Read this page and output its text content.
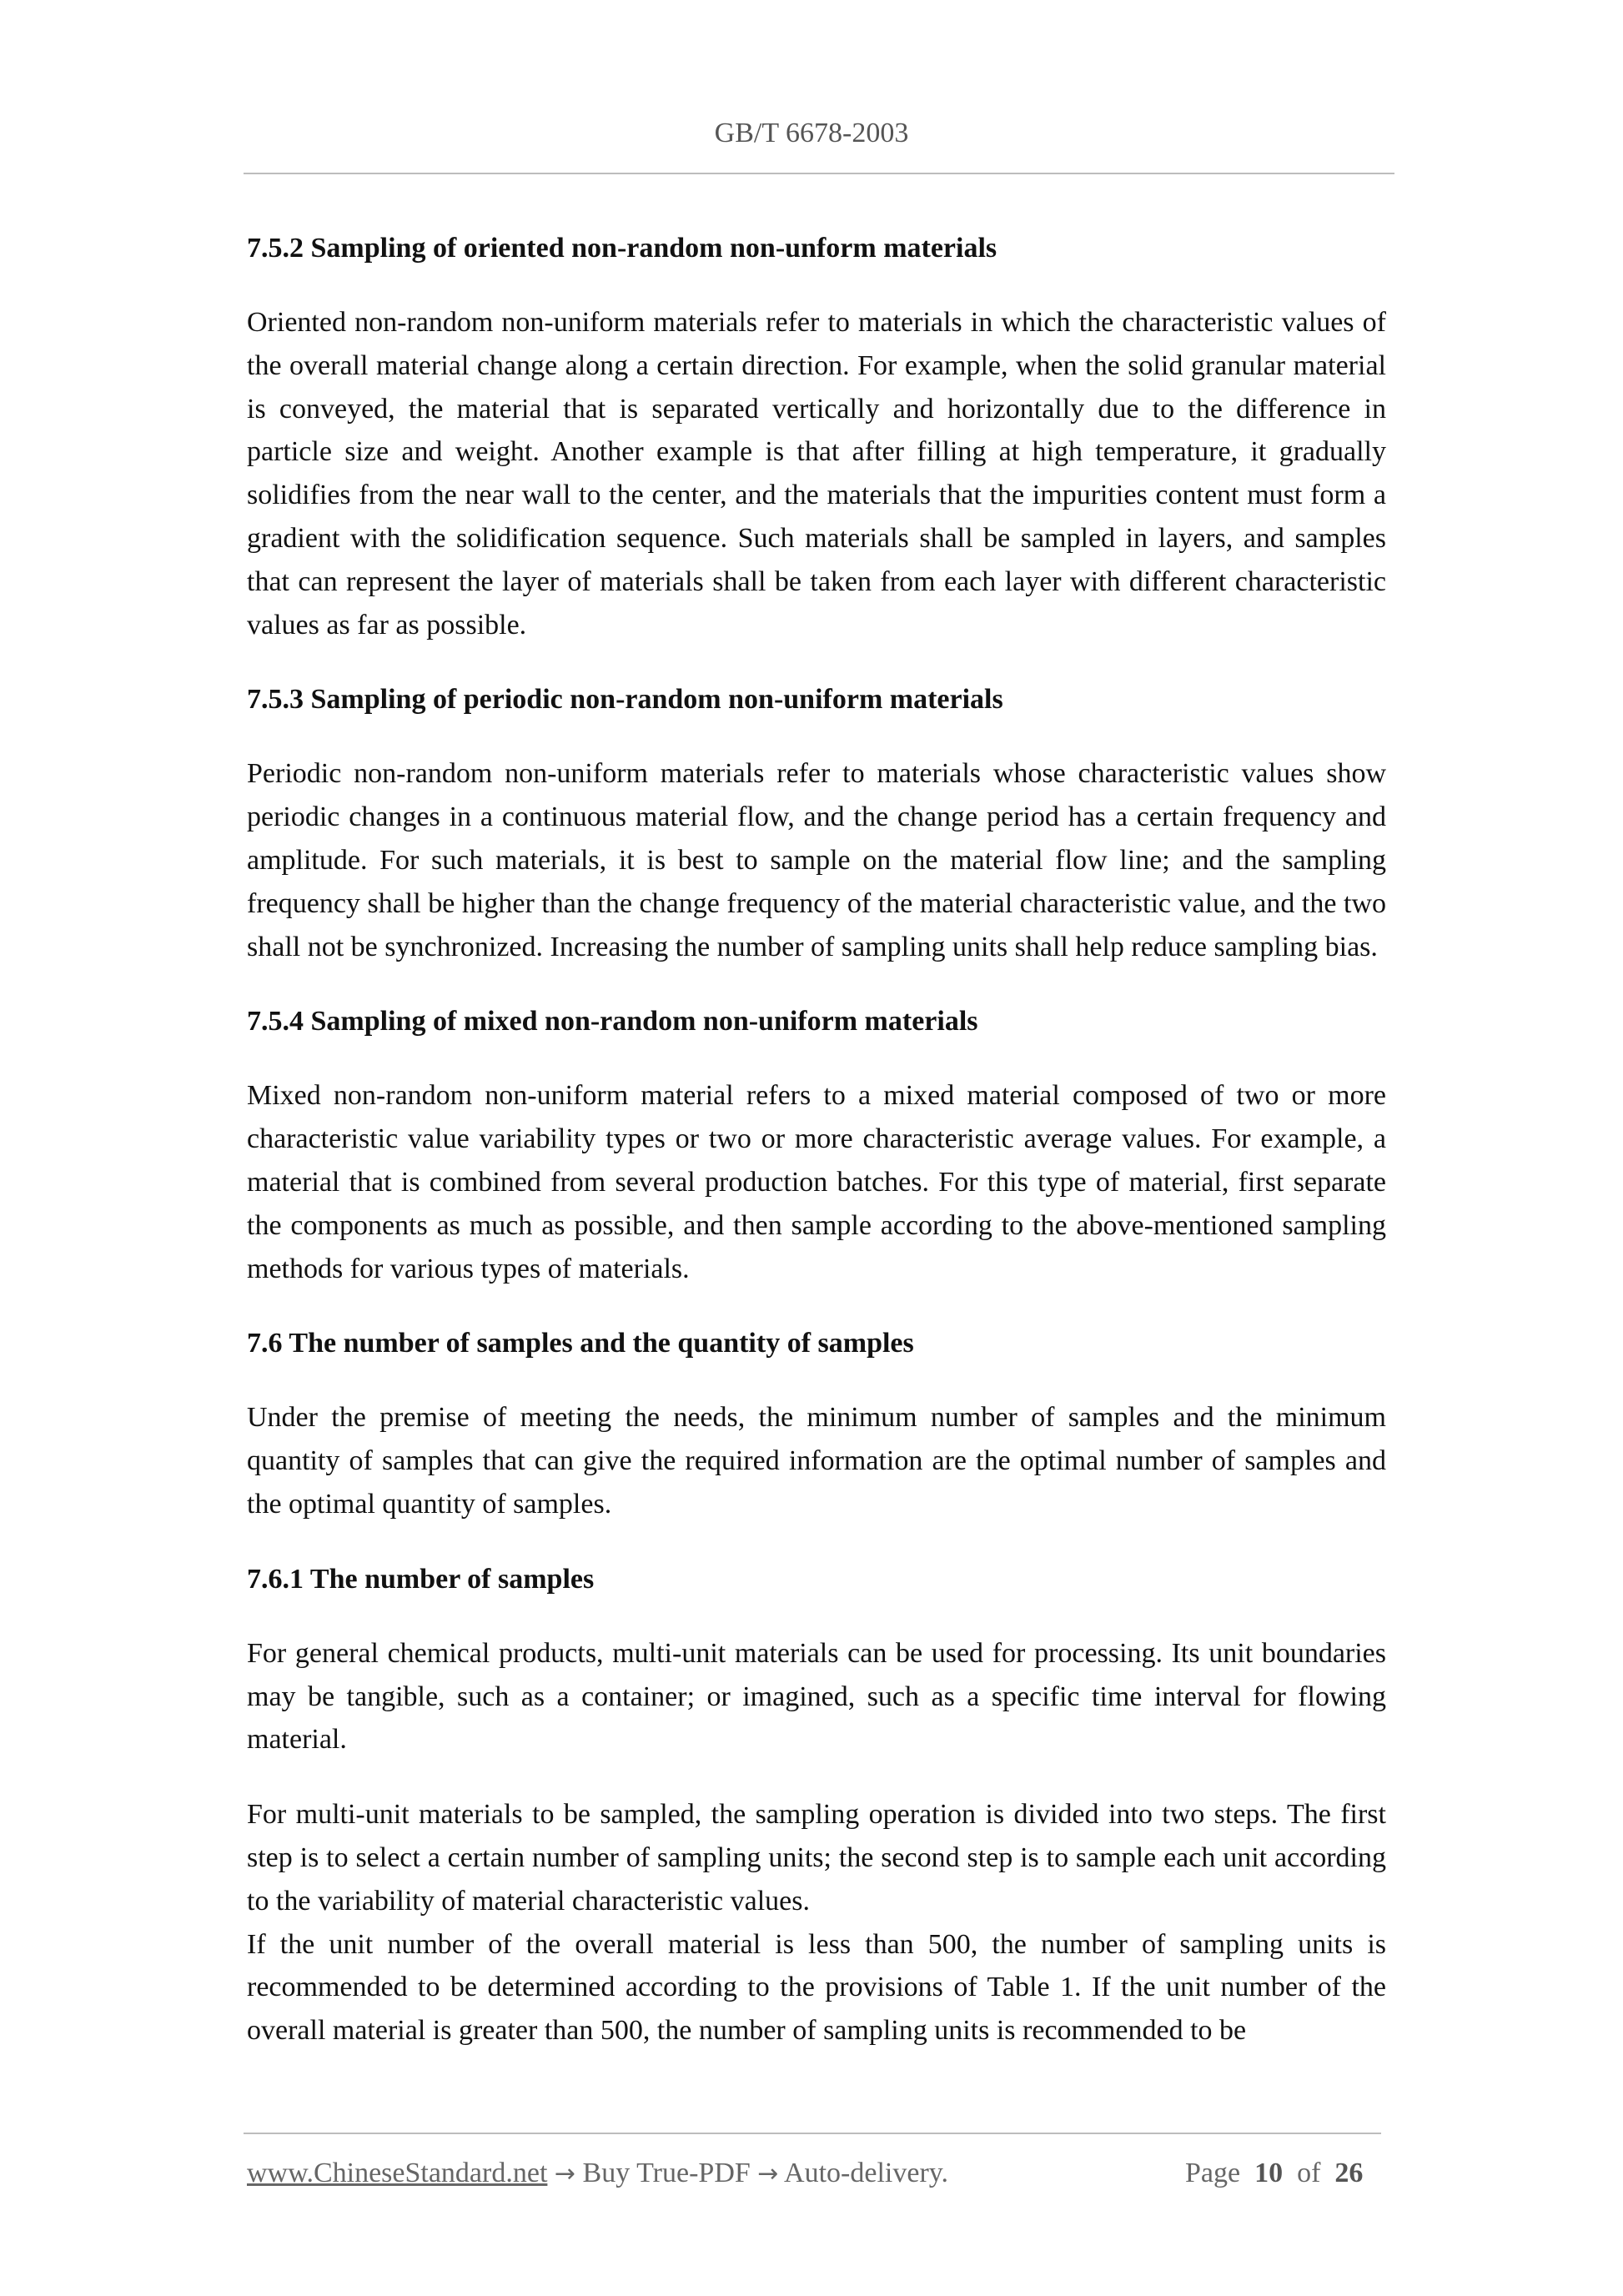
GB/T 6678-2003
7.5.2 Sampling of oriented non-random non-unform materials

Oriented non-random non-uniform materials refer to materials in which the characteristic values of the overall material change along a certain direction. For example, when the solid granular material is conveyed, the material that is separated vertically and horizontally due to the difference in particle size and weight. Another example is that after filling at high temperature, it gradually solidifies from the near wall to the center, and the materials that the impurities content must form a gradient with the solidification sequence. Such materials shall be sampled in layers, and samples that can represent the layer of materials shall be taken from each layer with different characteristic values as far as possible.

7.5.3 Sampling of periodic non-random non-uniform materials

Periodic non-random non-uniform materials refer to materials whose characteristic values show periodic changes in a continuous material flow, and the change period has a certain frequency and amplitude. For such materials, it is best to sample on the material flow line; and the sampling frequency shall be higher than the change frequency of the material characteristic value, and the two shall not be synchronized. Increasing the number of sampling units shall help reduce sampling bias.

7.5.4 Sampling of mixed non-random non-uniform materials

Mixed non-random non-uniform material refers to a mixed material composed of two or more characteristic value variability types or two or more characteristic average values. For example, a material that is combined from several production batches. For this type of material, first separate the components as much as possible, and then sample according to the above-mentioned sampling methods for various types of materials.

7.6 The number of samples and the quantity of samples

Under the premise of meeting the needs, the minimum number of samples and the minimum quantity of samples that can give the required information are the optimal number of samples and the optimal quantity of samples.

7.6.1 The number of samples

For general chemical products, multi-unit materials can be used for processing. Its unit boundaries may be tangible, such as a container; or imagined, such as a specific time interval for flowing material.

For multi-unit materials to be sampled, the sampling operation is divided into two steps. The first step is to select a certain number of sampling units; the second step is to sample each unit according to the variability of material characteristic values.

If the unit number of the overall material is less than 500, the number of sampling units is recommended to be determined according to the provisions of Table 1. If the unit number of the overall material is greater than 500, the number of sampling units is recommended to be

www.ChineseStandard.net → Buy True-PDF → Auto-delivery.	Page 10 of 26
